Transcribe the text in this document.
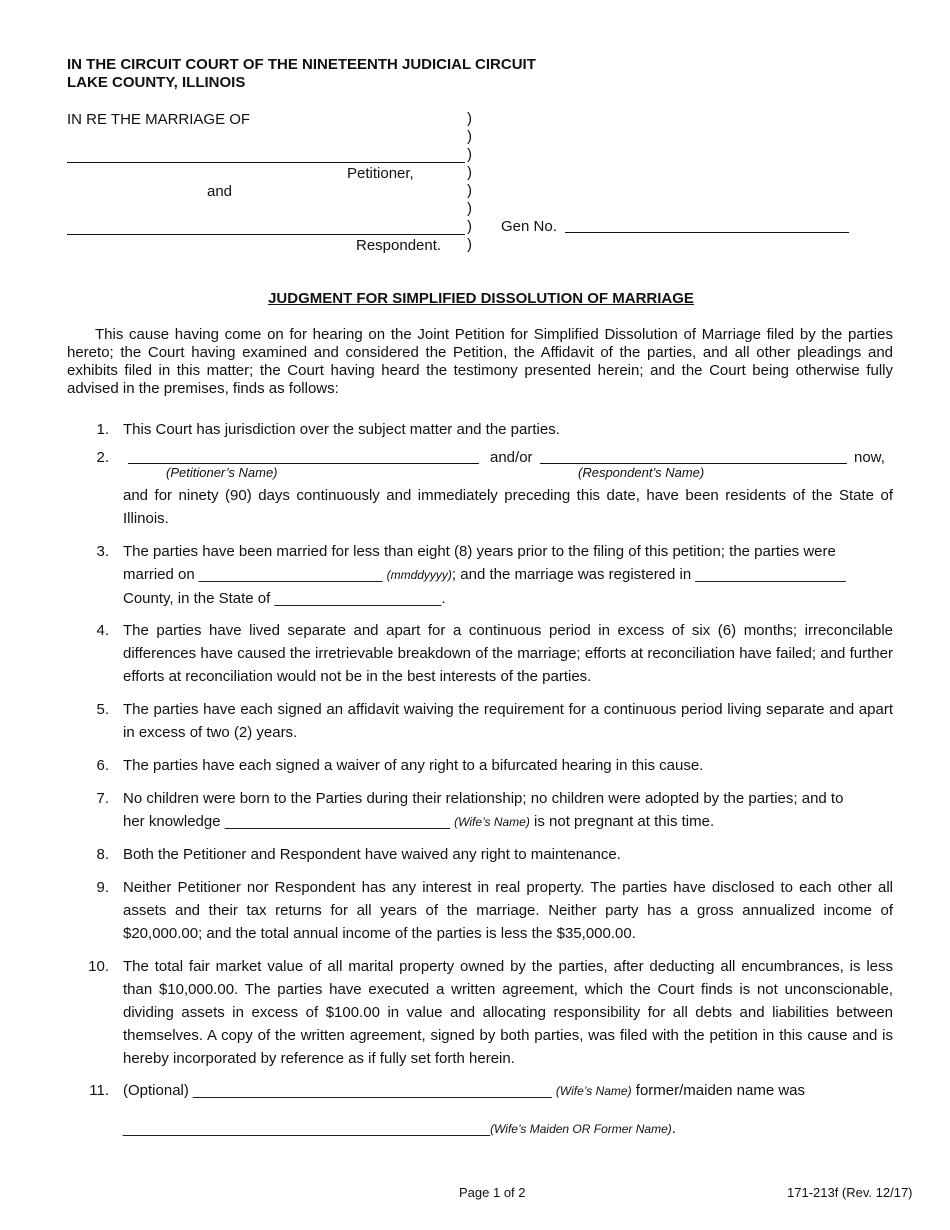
IN THE CIRCUIT COURT OF THE NINETEENTH JUDICIAL CIRCUIT
LAKE COUNTY, ILLINOIS
IN RE THE MARRIAGE OF
Petitioner,
and
Respondent.
)
)
)
)
)
)
)
)
Gen No.
JUDGMENT FOR SIMPLIFIED DISSOLUTION OF MARRIAGE
This cause having come on for hearing on the Joint Petition for Simplified Dissolution of Marriage filed by the parties hereto; the Court having examined and considered the Petition, the Affidavit of the parties, and all other pleadings and exhibits filed in this matter; the Court having heard the testimony presented herein; and the Court being otherwise fully advised in the premises, finds as follows:
1. This Court has jurisdiction over the subject matter and the parties.
2.	and/or	now,
(Petitioner’s Name)	(Respondent’s Name)
and for ninety (90) days continuously and immediately preceding this date, have been residents of the State of Illinois.
3. The parties have been married for less than eight (8) years prior to the filing of this petition; the parties were
married on ______________________ (mmddyyyy); and the marriage was registered in __________________
County, in the State of ____________________.
4. The parties have lived separate and apart for a continuous period in excess of six (6) months; irreconcilable differences have caused the irretrievable breakdown of the marriage; efforts at reconciliation have failed; and further efforts at reconciliation would not be in the best interests of the parties.
5. The parties have each signed an affidavit waiving the requirement for a continuous period living separate and apart in excess of two (2) years.
6. The parties have each signed a waiver of any right to a bifurcated hearing in this cause.
7. No children were born to the Parties during their relationship; no children were adopted by the parties; and to
her knowledge ___________________________ (Wife’s Name) is not pregnant at this time.
8. Both the Petitioner and Respondent have waived any right to maintenance.
9. Neither Petitioner nor Respondent has any interest in real property. The parties have disclosed to each other all assets and their tax returns for all years of the marriage. Neither party has a gross annualized income of $20,000.00; and the total annual income of the parties is less the $35,000.00.
10. The total fair market value of all marital property owned by the parties, after deducting all encumbrances, is less than $10,000.00. The parties have executed a written agreement, which the Court finds is not unconscionable, dividing assets in excess of $100.00 in value and allocating responsibility for all debts and liabilities between themselves. A copy of the written agreement, signed by both parties, was filed with the petition in this cause and is hereby incorporated by reference as if fully set forth herein.
11. (Optional) ___________________________________________ (Wife’s Name) former/maiden name was
____________________________________________(Wife’s Maiden OR Former Name).
Page 1 of 2	171-213f (Rev. 12/17)
